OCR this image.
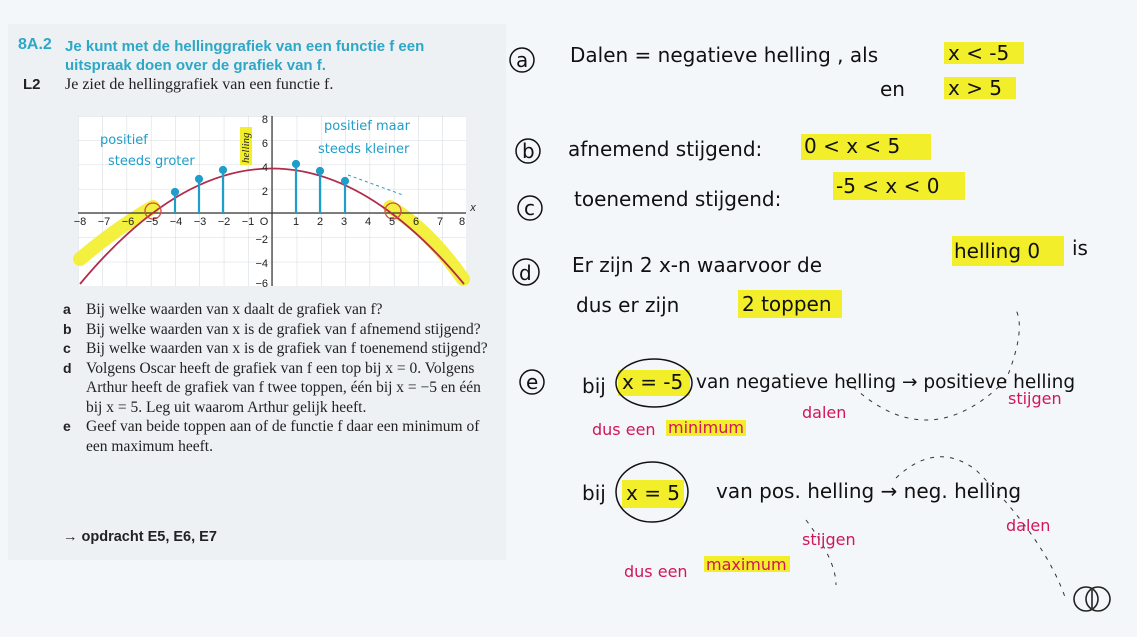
8A.2 Je kunt met de hellinggrafiek van een functie f een uitspraak doen over de grafiek van f.
L2 Je ziet de hellinggrafiek van een functie f.
−8 −7 −6 −5 −4 −3 −2 −1 O 1 2 3 4 5 6 7 8
x
8
6
4
2
−2
−4
−6
helling
positief
steeds groter
positief maar
steeds kleiner
a Bij welke waarden van x daalt de grafiek van f?
b Bij welke waarden van x is de grafiek van f afnemend stijgend?
c Bij welke waarden van x is de grafiek van f toenemend stijgend?
d Volgens Oscar heeft de grafiek van f een top bij x = 0. Volgens Arthur heeft de grafiek van f twee toppen, één bij x = −5 en één bij x = 5. Leg uit waarom Arthur gelijk heeft.
e Geef van beide toppen aan of de functie f daar een minimum of een maximum heeft.
→ opdracht E5, E6, E7
a Dalen = negatieve helling , als	x < -5
en x > 5
b afnemend stijgend: 0 < x < 5
c toenemend stijgend:
-5 < x < 0
d Er zijn 2 x-n waarvoor de
helling 0 is
dus er zijn	2 toppen
e bij x = -5 van negatieve helling → positieve helling
bij x = 5 van pos. helling → neg. helling
dalen
stijgen
dus een minimum
stijgen
dalen
dus een maximum
